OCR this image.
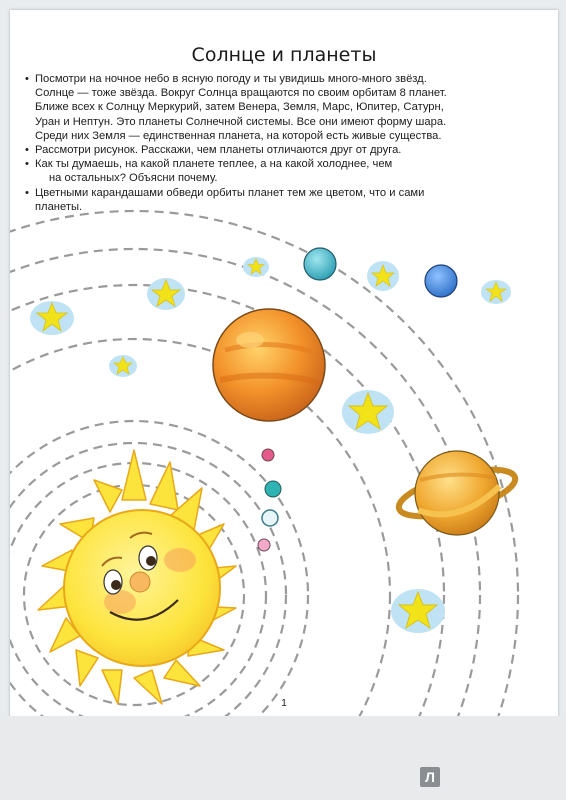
Солнце и планеты
• Посмотри на ночное небо в ясную погоду и ты увидишь много-много звёзд.
Солнце — тоже звёзда. Вокруг Солнца вращаются по своим орбитам 8 планет.
Ближе всех к Солнцу Меркурий, затем Венера, Земля, Марс, Юпитер, Сатурн,
Уран и Нептун. Это планеты Солнечной системы. Все они имеют форму шара.
Среди них Земля — единственная планета, на которой есть живые существа.
• Рассмотри рисунок. Расскажи, чем планеты отличаются друг от друга.
• Как ты думаешь, на какой планете теплее, а на какой холоднее, чем
на остальных? Объясни почему.
• Цветными карандашами обведи орбиты планет тем же цветом, что и сами
планеты.
1
Л
